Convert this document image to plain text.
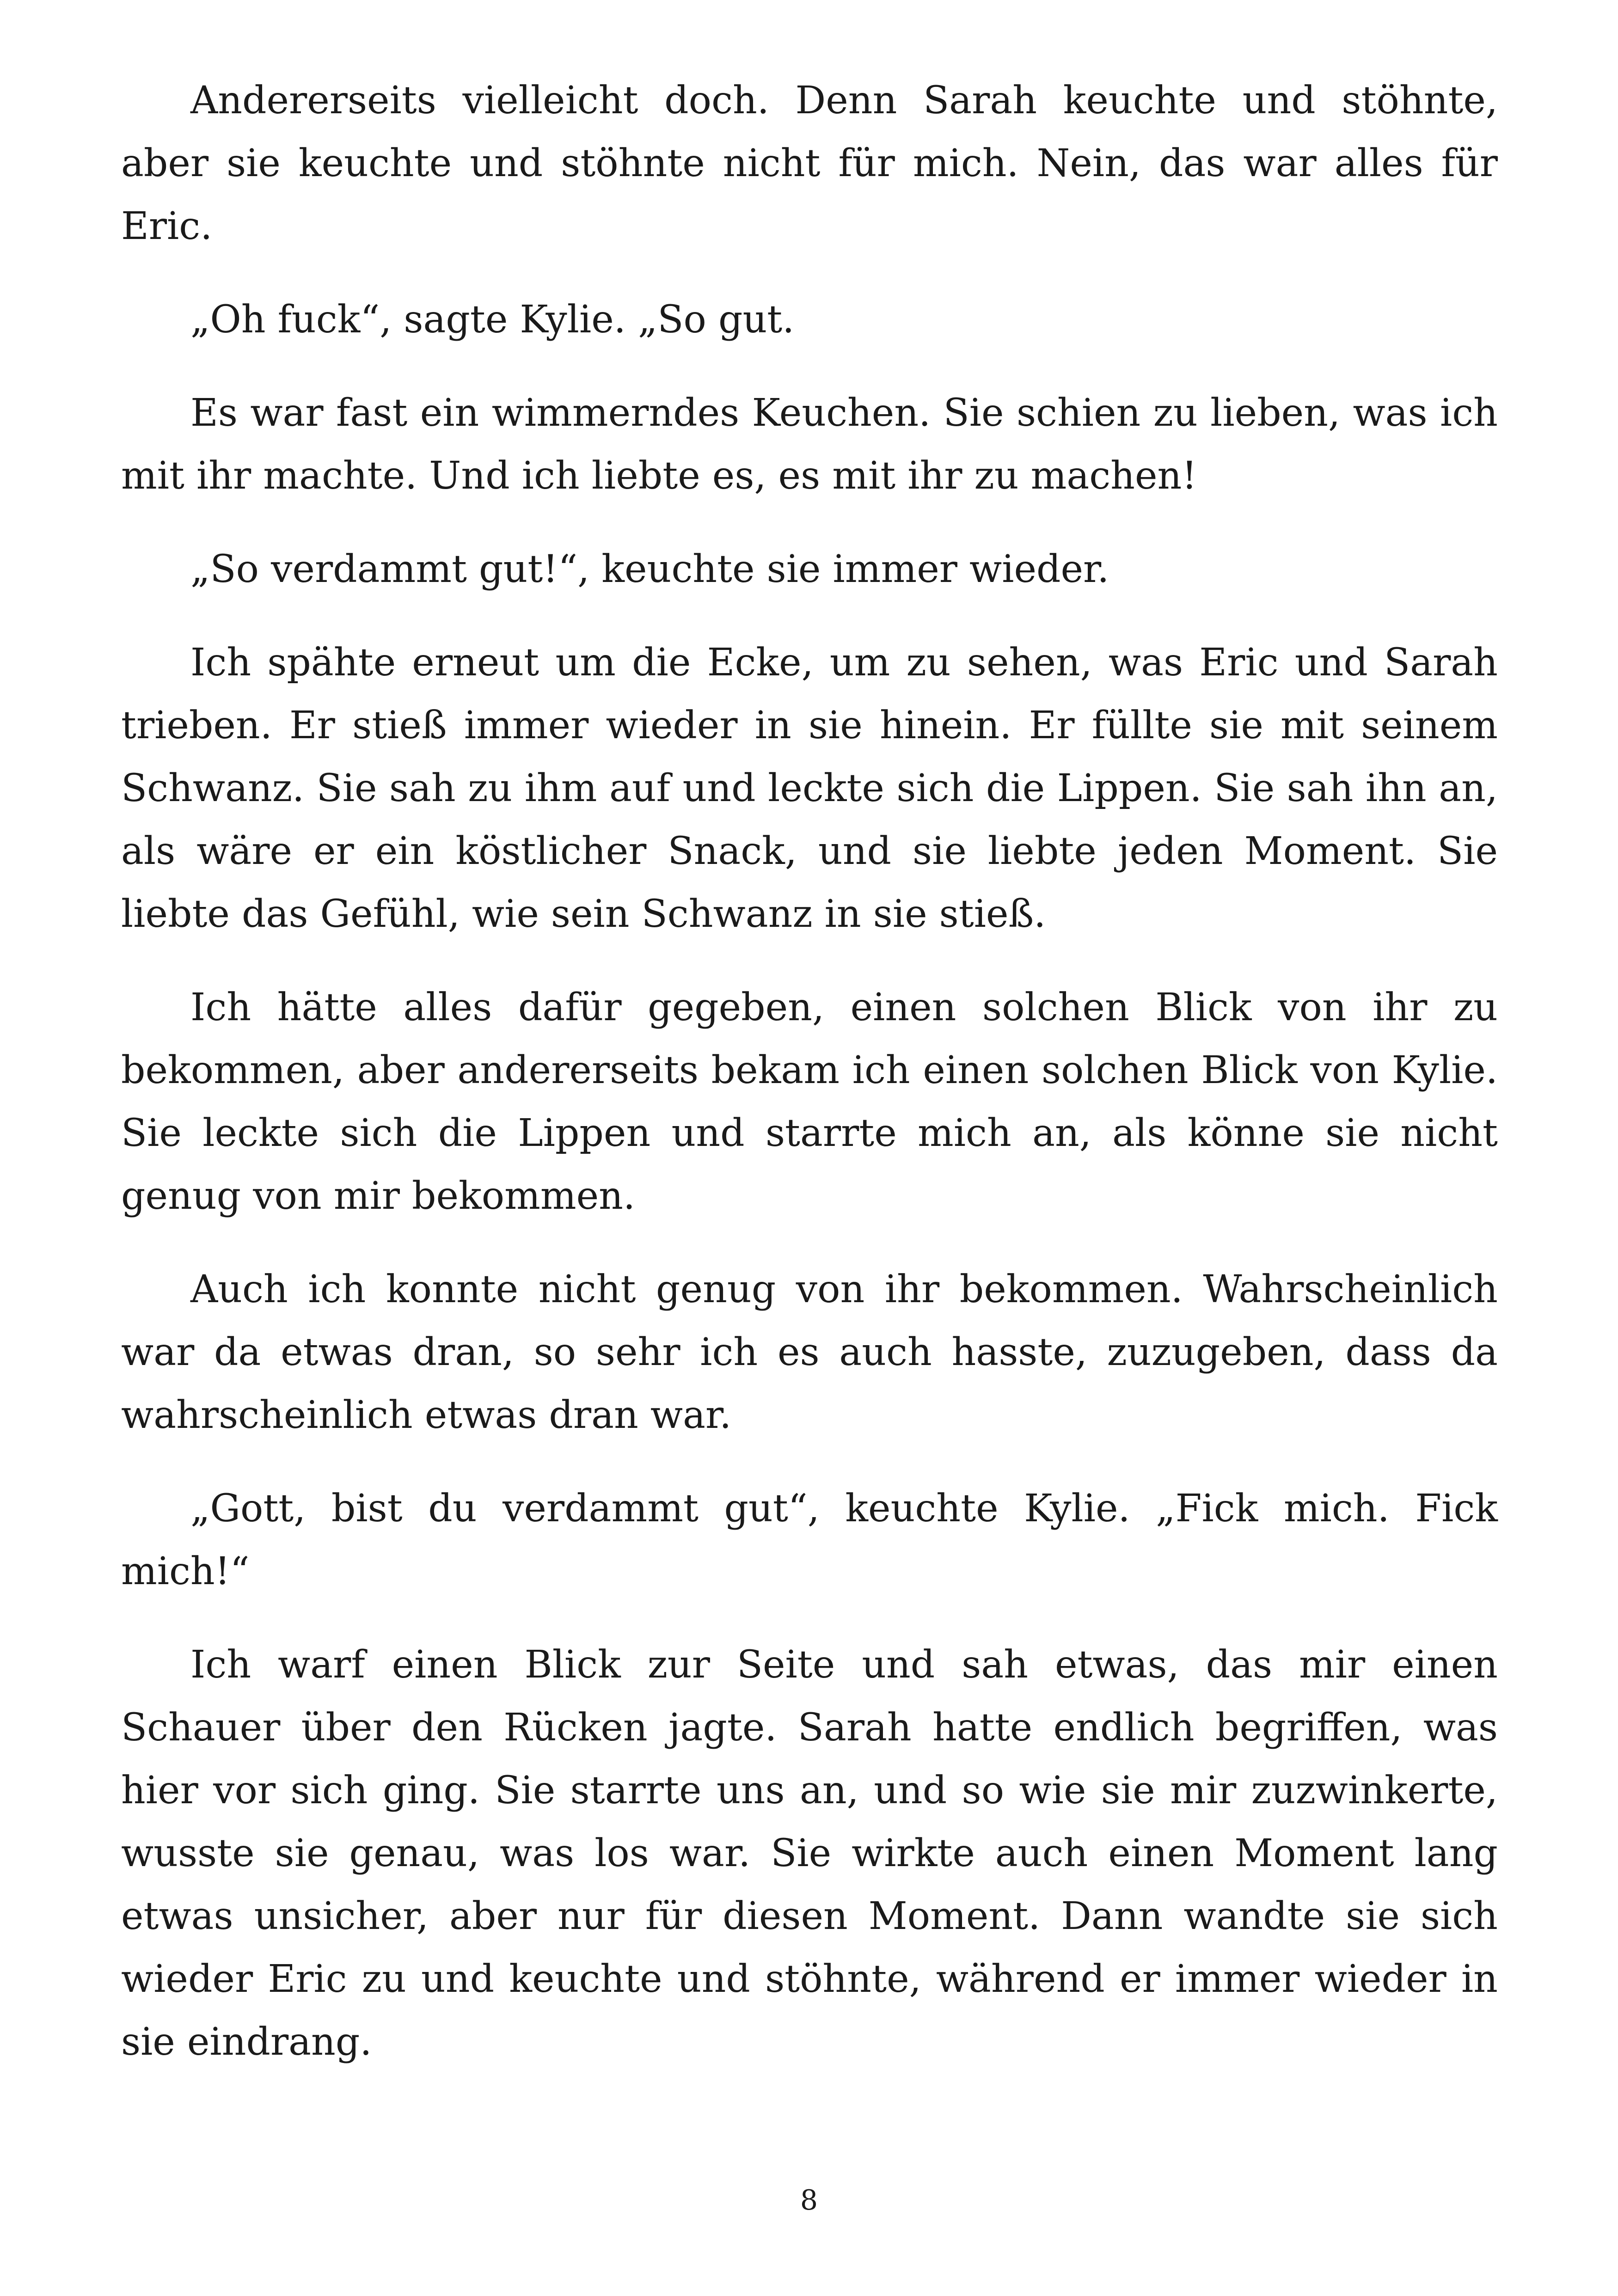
Andererseits vielleicht doch. Denn Sarah keuchte und stöhnte, aber sie keuchte und stöhnte nicht für mich. Nein, das war alles für Eric.

„Oh fuck“, sagte Kylie. „So gut.

Es war fast ein wimmerndes Keuchen. Sie schien zu lieben, was ich mit ihr machte. Und ich liebte es, es mit ihr zu machen!

„So verdammt gut!“, keuchte sie immer wieder.

Ich spähte erneut um die Ecke, um zu sehen, was Eric und Sarah trieben. Er stieß immer wieder in sie hinein. Er füllte sie mit seinem Schwanz. Sie sah zu ihm auf und leckte sich die Lippen. Sie sah ihn an, als wäre er ein köstlicher Snack, und sie liebte jeden Moment. Sie liebte das Gefühl, wie sein Schwanz in sie stieß.

Ich hätte alles dafür gegeben, einen solchen Blick von ihr zu bekommen, aber andererseits bekam ich einen solchen Blick von Kylie. Sie leckte sich die Lippen und starrte mich an, als könne sie nicht genug von mir bekommen.

Auch ich konnte nicht genug von ihr bekommen. Wahrscheinlich war da etwas dran, so sehr ich es auch hasste, zuzugeben, dass da wahrscheinlich etwas dran war.

„Gott, bist du verdammt gut“, keuchte Kylie. „Fick mich. Fick mich!“

Ich warf einen Blick zur Seite und sah etwas, das mir einen Schauer über den Rücken jagte. Sarah hatte endlich begriffen, was hier vor sich ging. Sie starrte uns an, und so wie sie mir zuzwinkerte, wusste sie genau, was los war. Sie wirkte auch einen Moment lang etwas unsicher, aber nur für diesen Moment. Dann wandte sie sich wieder Eric zu und keuchte und stöhnte, während er immer wieder in sie eindrang.

8
